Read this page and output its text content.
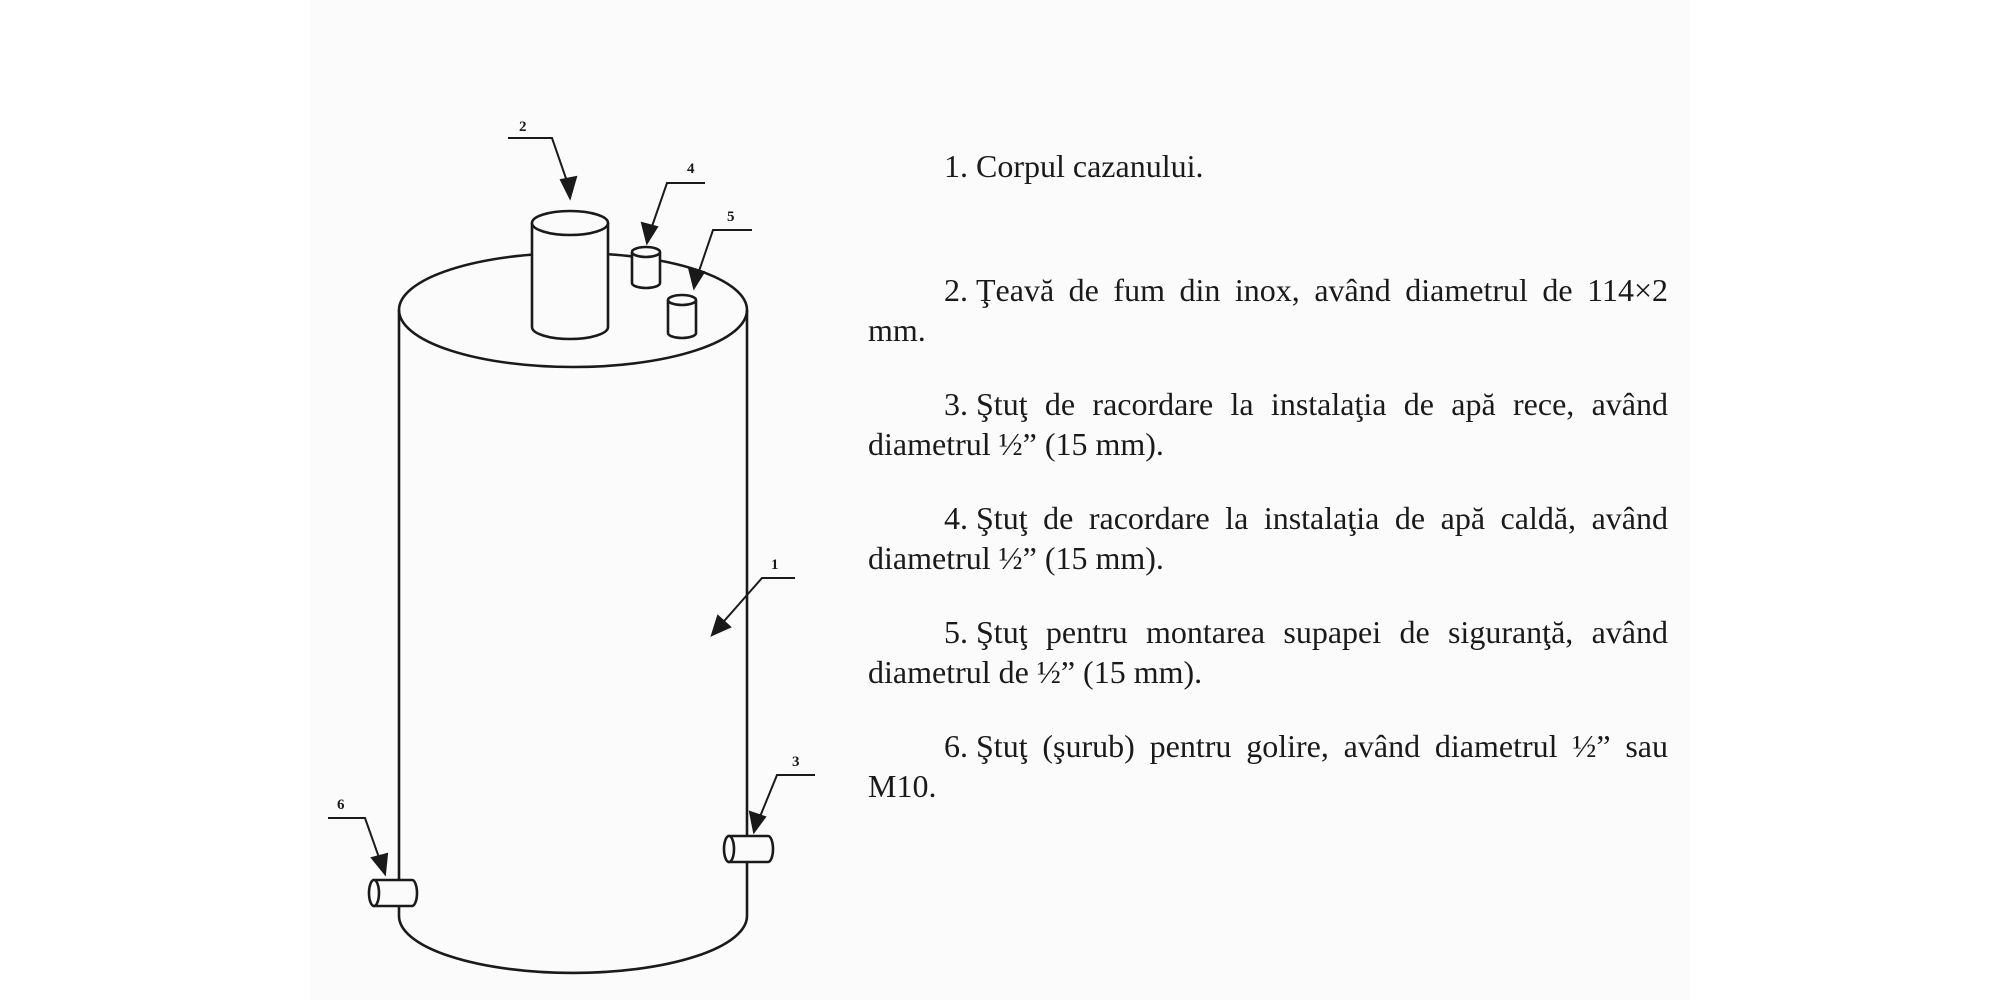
2
4
5
1
3
6

1. Corpul cazanului.

2. Ţeavă de fum din inox, având diametrul de 114×2 mm.

3. Ştuţ de racordare la instalaţia de apă rece, având diametrul ½” (15 mm).

4. Ştuţ de racordare la instalaţia de apă caldă, având diametrul ½” (15 mm).

5. Ştuţ pentru montarea supapei de siguranţă, având diametrul de ½” (15 mm).

6. Ştuţ (şurub) pentru golire, având diametrul ½” sau M10.
